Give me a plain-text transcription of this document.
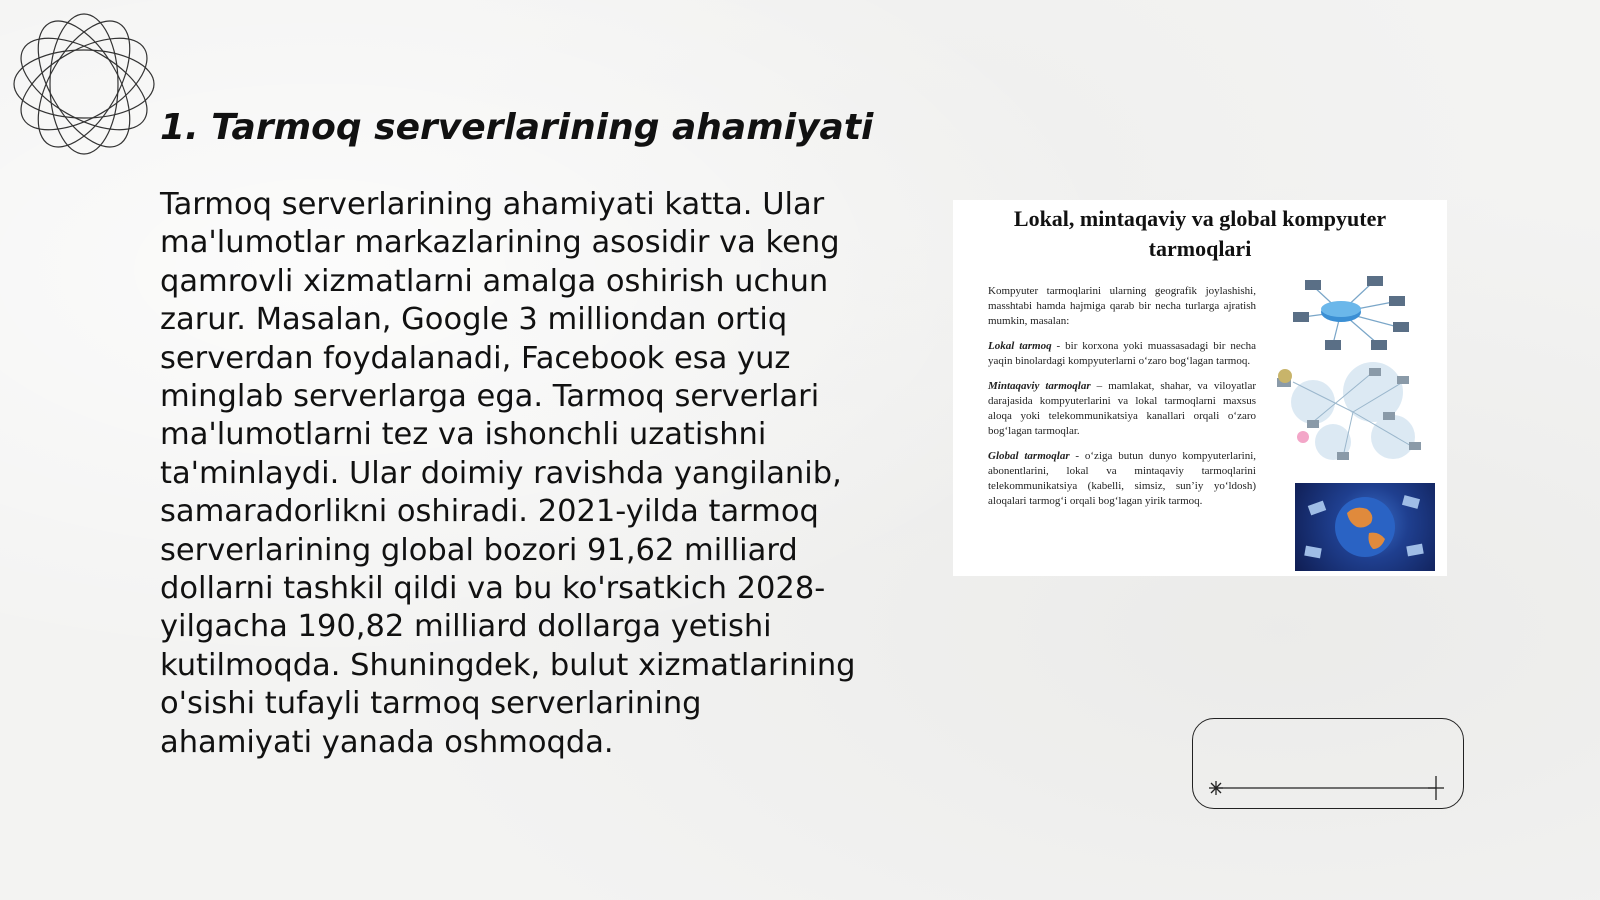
1. Tarmoq serverlarining ahamiyati

Tarmoq serverlarining ahamiyati katta. Ular ma'lumotlar markazlarining asosidir va keng qamrovli xizmatlarni amalga oshirish uchun zarur. Masalan, Google 3 milliondan ortiq serverdan foydalanadi, Facebook esa yuz minglab serverlarga ega. Tarmoq serverlari ma'lumotlarni tez va ishonchli uzatishni ta'minlaydi. Ular doimiy ravishda yangilanib, samaradorlikni oshiradi. 2021-yilda tarmoq serverlarining global bozori 91,62 milliard dollarni tashkil qildi va bu ko'rsatkich 2028-yilgacha 190,82 milliard dollarga yetishi kutilmoqda. Shuningdek, bulut xizmatlarining o'sishi tufayli tarmoq serverlarining ahamiyati yanada oshmoqda.

Lokal, mintaqaviy va global kompyuter
tarmoqlari

Kompyuter tarmoqlarini ularning geografik joylashishi, masshtabi hamda hajmiga qarab bir necha turlarga ajratish mumkin, masalan:

Lokal tarmoq - bir korxona yoki muassasadagi bir necha yaqin binolardagi kompyuterlarni o‘zaro bog‘lagan tarmoq.

Mintaqaviy tarmoqlar – mamlakat, shahar, va viloyatlar darajasida kompyuterlarini va lokal tarmoqlarni maxsus aloqa yoki telekommunikatsiya kanallari orqali o‘zaro bog‘lagan tarmoqlar.

Global tarmoqlar - o‘ziga butun dunyo kompyuterlarini, abonentlarini, lokal va mintaqaviy tarmoqlarini telekommunikatsiya (kabelli, simsiz, sun’iy yo‘ldosh) aloqalari tarmog‘i orqali bog‘lagan yirik tarmoq.
